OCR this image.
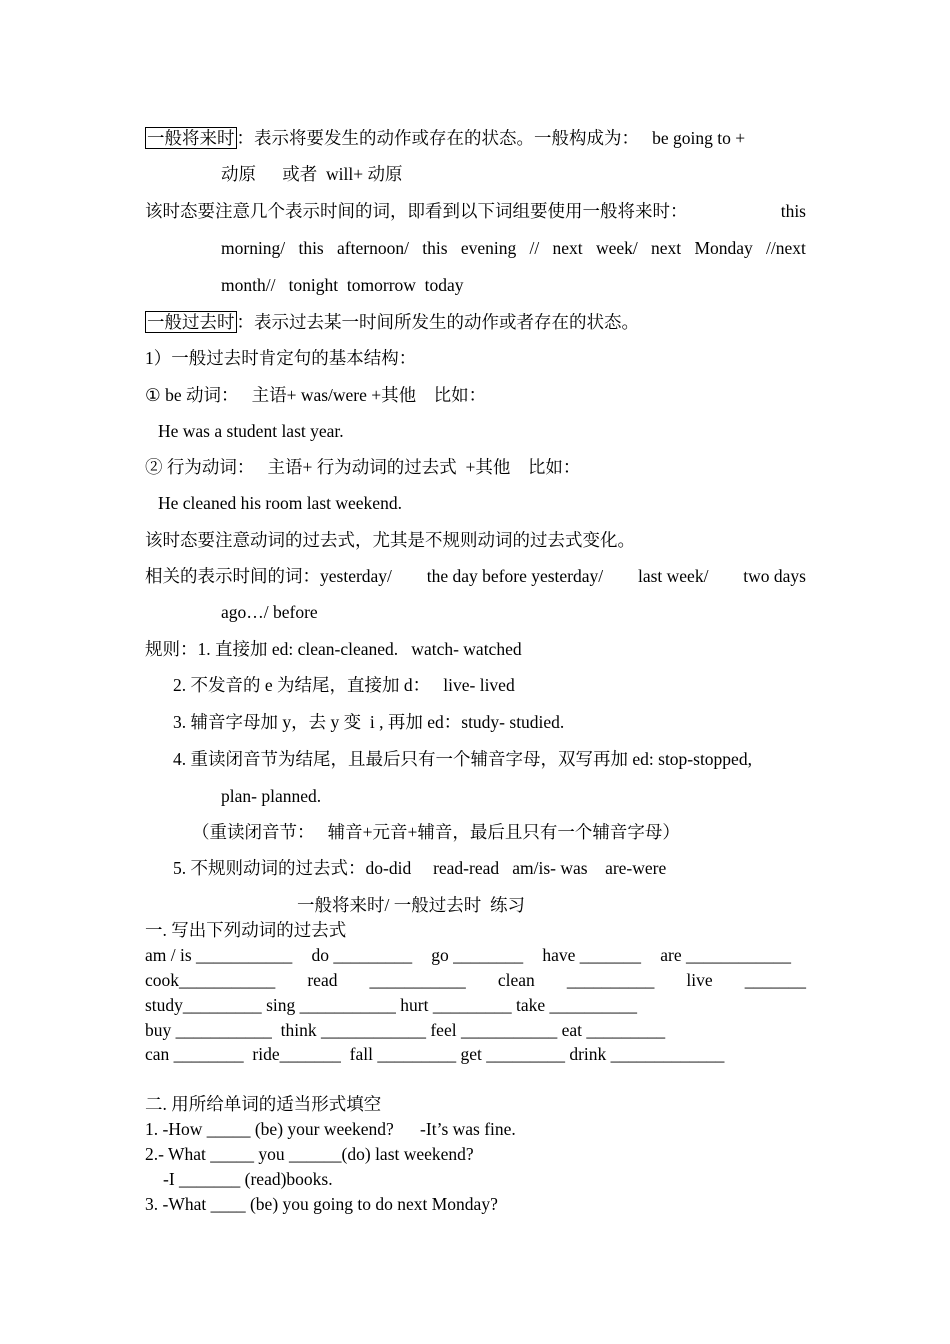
一般将来时 ：表示将要发生的动作或存在的状态。一般构成为：   be going to +
动原      或者  will+ 动原
该时态要注意几个表示时间的词，即看到以下词组要使用一般将来时：	this
morning/ this afternoon/ this evening // next week/ next Monday //next
month//   tonight  tomorrow  today
一般过去时 ：表示过去某一时间所发生的动作或者存在的状态。
1）一般过去时肯定句的基本结构：
① be 动词：   主语+ was/were +其他    比如：
He was a student last year.
② 行为动词：   主语+ 行为动词的过去式  +其他    比如：
He cleaned his room last weekend.
该时态要注意动词的过去式，尤其是不规则动词的过去式变化。
相关的表示时间的词：yesterday/ the day before yesterday/ last week/ two days
ago…/ before
规则：1. 直接加 ed: clean-cleaned.   watch- watched
2. 不发音的 e 为结尾，直接加 d：   live- lived
3. 辅音字母加 y，去 y 变  i , 再加 ed：study- studied.
4. 重读闭音节为结尾，且最后只有一个辅音字母，双写再加 ed: stop-stopped,
plan- planned.
（重读闭音节：   辅音+元音+辅音，最后且只有一个辅音字母）
5. 不规则动词的过去式：do-did     read-read   am/is- was    are-were
一般将来时/ 一般过去时  练习
一. 写出下列动词的过去式
am / is ___________ do _________ go ________ have _______ are ____________
cook___________ read ___________ clean __________ live _______
study_________ sing ___________ hurt _________ take __________
buy ___________ think ____________ feel ___________ eat _________
can ________ ride_______ fall _________ get _________ drink _____________
二. 用所给单词的适当形式填空
1. -How _____ (be) your weekend?      -It’s was fine.
2.- What _____ you ______(do) last weekend?
-I _______ (read)books.
3. -What ____ (be) you going to do next Monday?
